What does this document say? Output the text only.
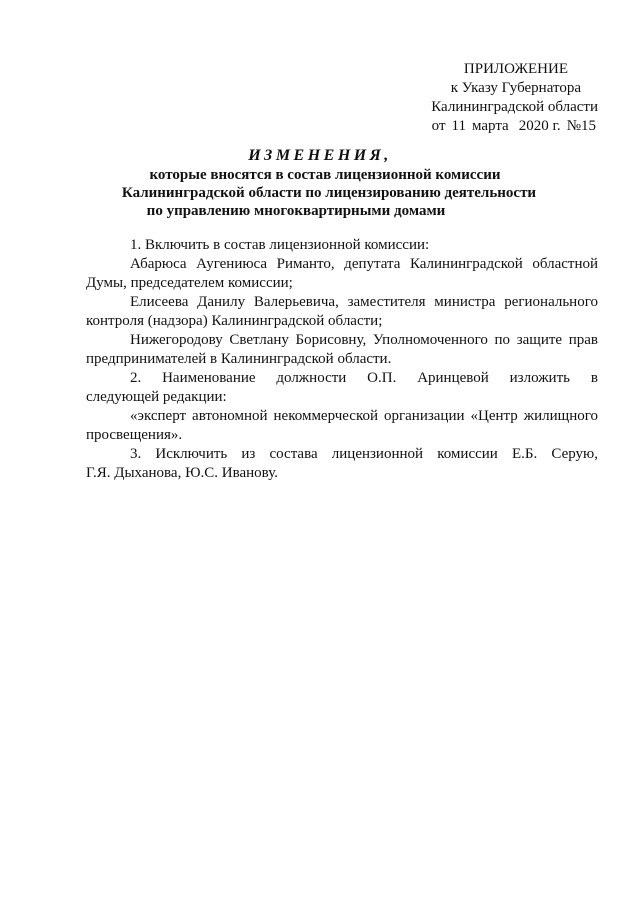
ПРИЛОЖЕНИЕ
к Указу Губернатора
Калининградской области
от 11 марта 2020 г. №15
ИЗМЕНЕНИЯ,
которые вносятся в состав лицензионной комиссии
Калининградской области по лицензированию деятельности
по управлению многоквартирными домами
1. Включить в состав лицензионной комиссии:
Абарюса Аугениюса Риманто, депутата Калининградской областной
Думы, председателем комиссии;
Елисеева Данилу Валерьевича, заместителя министра регионального
контроля (надзора) Калининградской области;
Нижегородову Светлану Борисовну, Уполномоченного по защите прав
предпринимателей в Калининградской области.
2. Наименование должности О.П. Аринцевой изложить в
следующей редакции:
«эксперт автономной некоммерческой организации «Центр жилищного
просвещения».
3. Исключить из состава лицензионной комиссии Е.Б. Серую,
Г.Я. Дыханова, Ю.С. Иванову.
